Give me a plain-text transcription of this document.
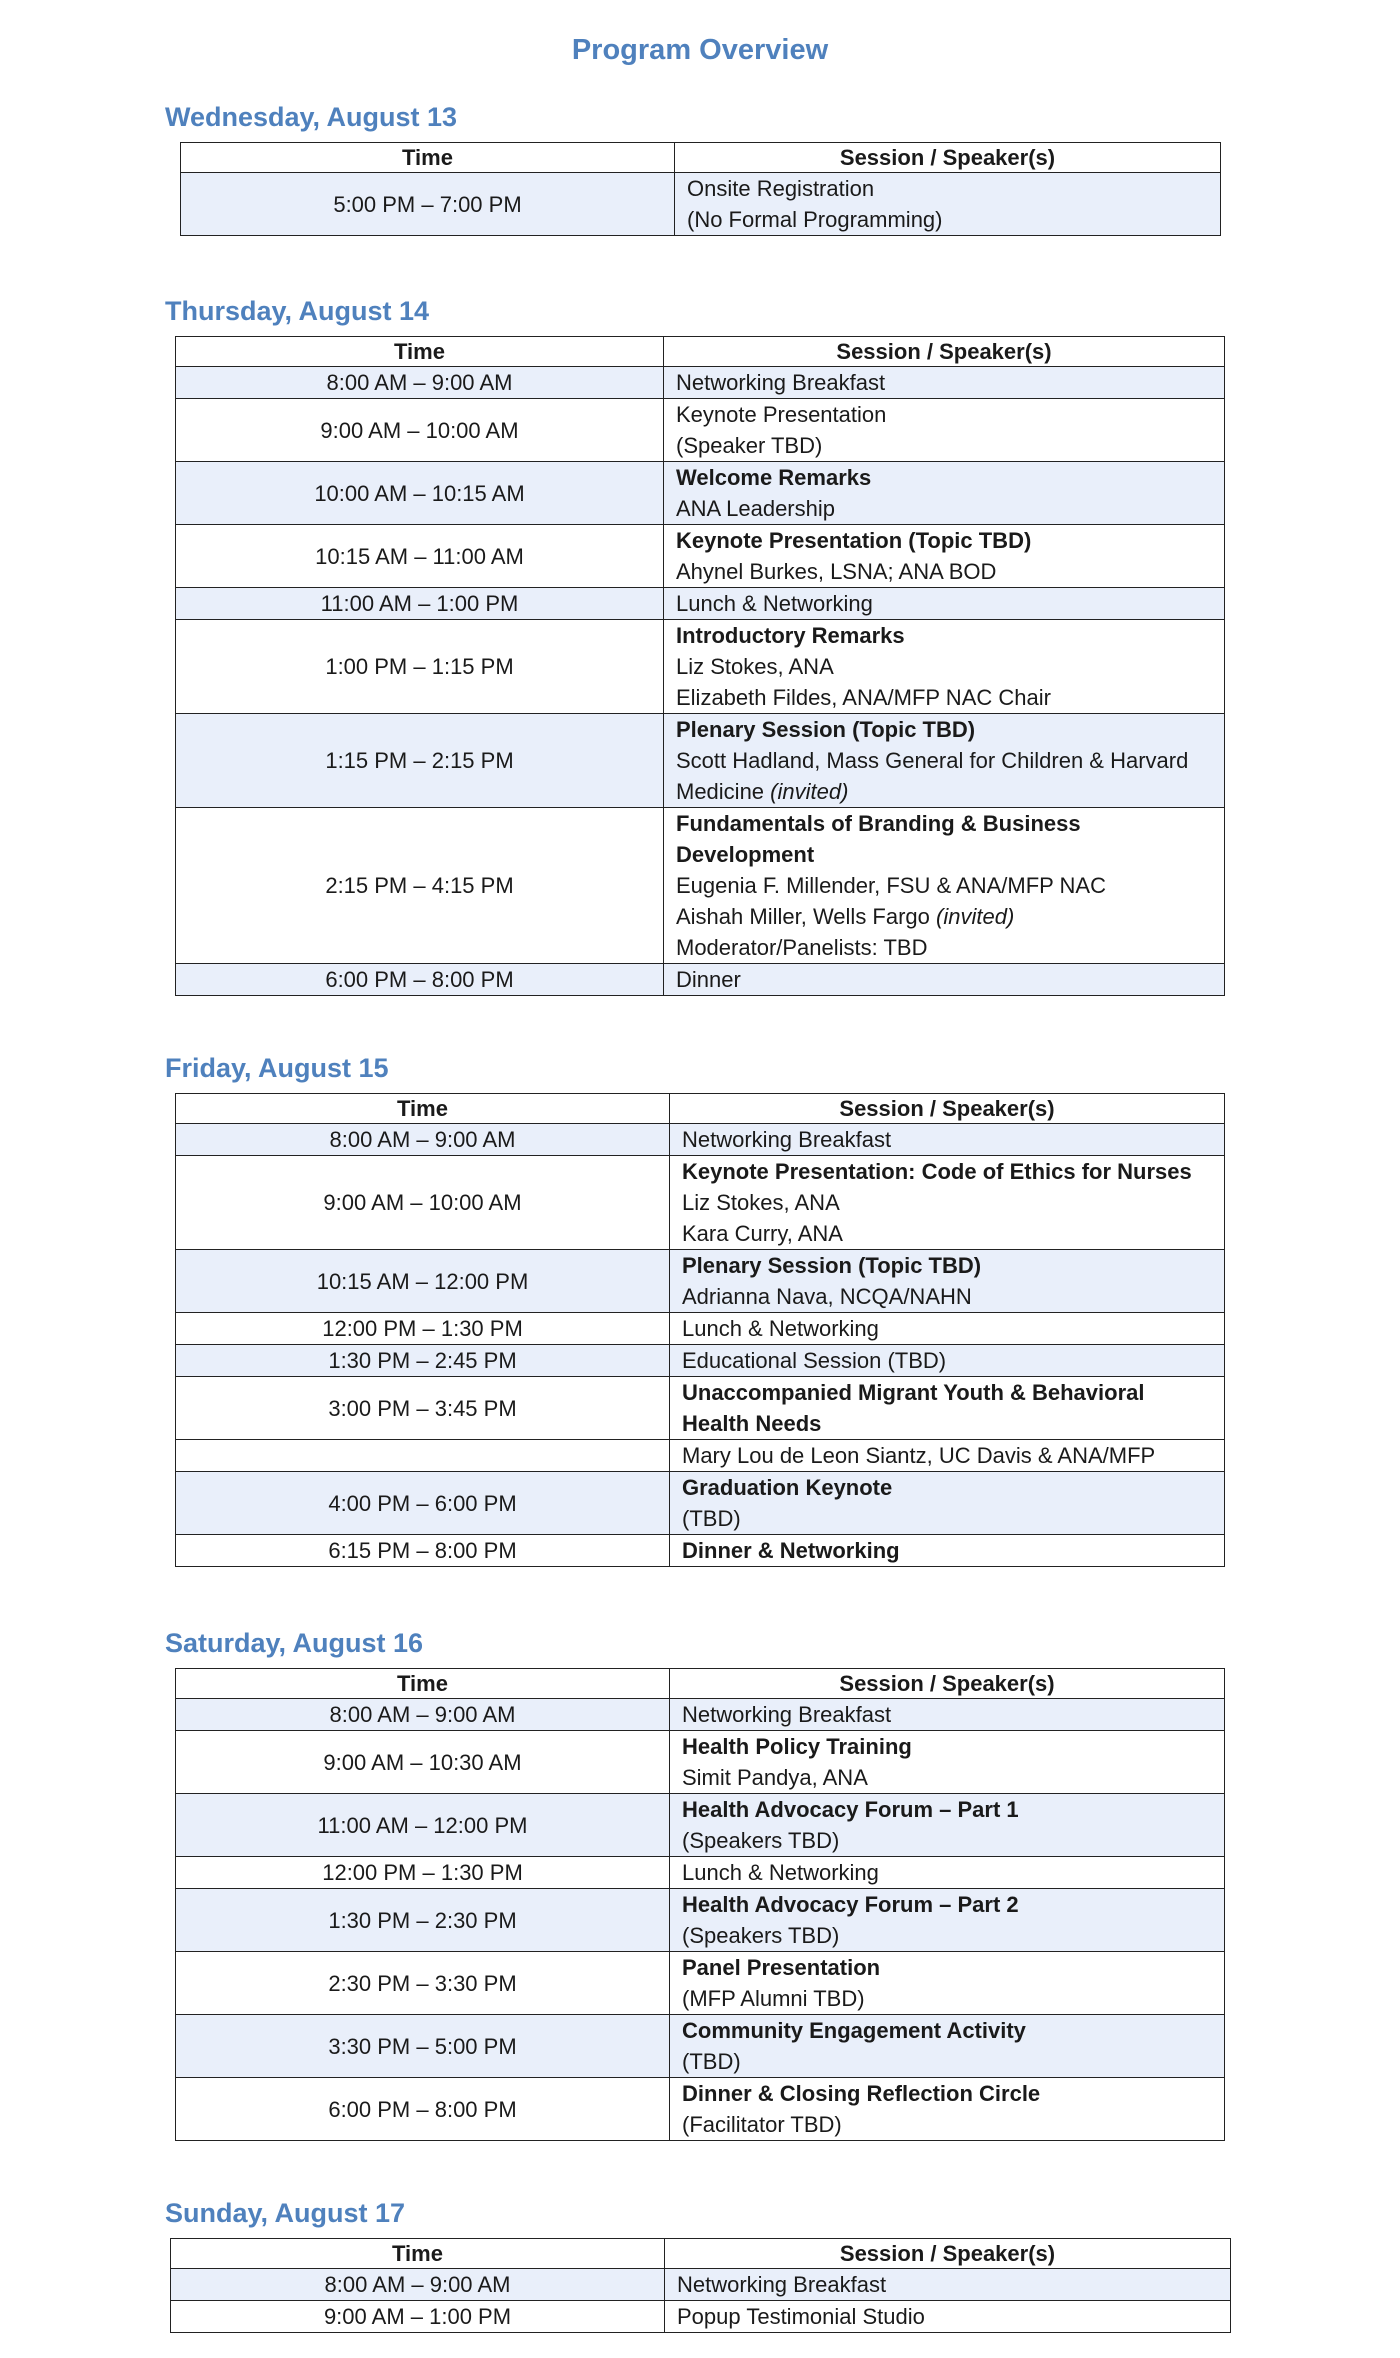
Program Overview
Wednesday, August 13
Time	Session / Speaker(s)
5:00 PM – 7:00 PM	Onsite Registration
(No Formal Programming)
Thursday, August 14
Time	Session / Speaker(s)
8:00 AM – 9:00 AM	Networking Breakfast

9:00 AM – 10:00 AM	Keynote Presentation
(Speaker TBD)

10:00 AM – 10:15 AM	Welcome Remarks
ANA Leadership

10:15 AM – 11:00 AM	Keynote Presentation (Topic TBD)
Ahynel Burkes, LSNA; ANA BOD

11:00 AM – 1:00 PM	Lunch & Networking

1:00 PM – 1:15 PM	Introductory Remarks
Liz Stokes, ANA
Elizabeth Fildes, ANA/MFP NAC Chair

1:15 PM – 2:15 PM	Plenary Session (Topic TBD)
Scott Hadland, Mass General for Children & Harvard
Medicine (invited)

2:15 PM – 4:15 PM	Fundamentals of Branding & Business
Development
Eugenia F. Millender, FSU & ANA/MFP NAC
Aishah Miller, Wells Fargo (invited)
Moderator/Panelists: TBD

6:00 PM – 8:00 PM	Dinner
Friday, August 15
Time	Session / Speaker(s)
8:00 AM – 9:00 AM	Networking Breakfast

9:00 AM – 10:00 AM	Keynote Presentation: Code of Ethics for Nurses
Liz Stokes, ANA
Kara Curry, ANA

10:15 AM – 12:00 PM	Plenary Session (Topic TBD)
Adrianna Nava, NCQA/NAHN

12:00 PM – 1:30 PM	Lunch & Networking

1:30 PM – 2:45 PM	Educational Session (TBD)

3:00 PM – 3:45 PM	Unaccompanied Migrant Youth & Behavioral
Health Needs

	Mary Lou de Leon Siantz, UC Davis & ANA/MFP

4:00 PM – 6:00 PM	Graduation Keynote
(TBD)

6:15 PM – 8:00 PM	Dinner & Networking
Saturday, August 16
Time	Session / Speaker(s)
8:00 AM – 9:00 AM	Networking Breakfast

9:00 AM – 10:30 AM	Health Policy Training
Simit Pandya, ANA

11:00 AM – 12:00 PM	Health Advocacy Forum – Part 1
(Speakers TBD)

12:00 PM – 1:30 PM	Lunch & Networking

1:30 PM – 2:30 PM	Health Advocacy Forum – Part 2
(Speakers TBD)

2:30 PM – 3:30 PM	Panel Presentation
(MFP Alumni TBD)

3:30 PM – 5:00 PM	Community Engagement Activity
(TBD)

6:00 PM – 8:00 PM	Dinner & Closing Reflection Circle
(Facilitator TBD)
Sunday, August 17
Time	Session / Speaker(s)
8:00 AM – 9:00 AM	Networking Breakfast

9:00 AM – 1:00 PM	Popup Testimonial Studio
